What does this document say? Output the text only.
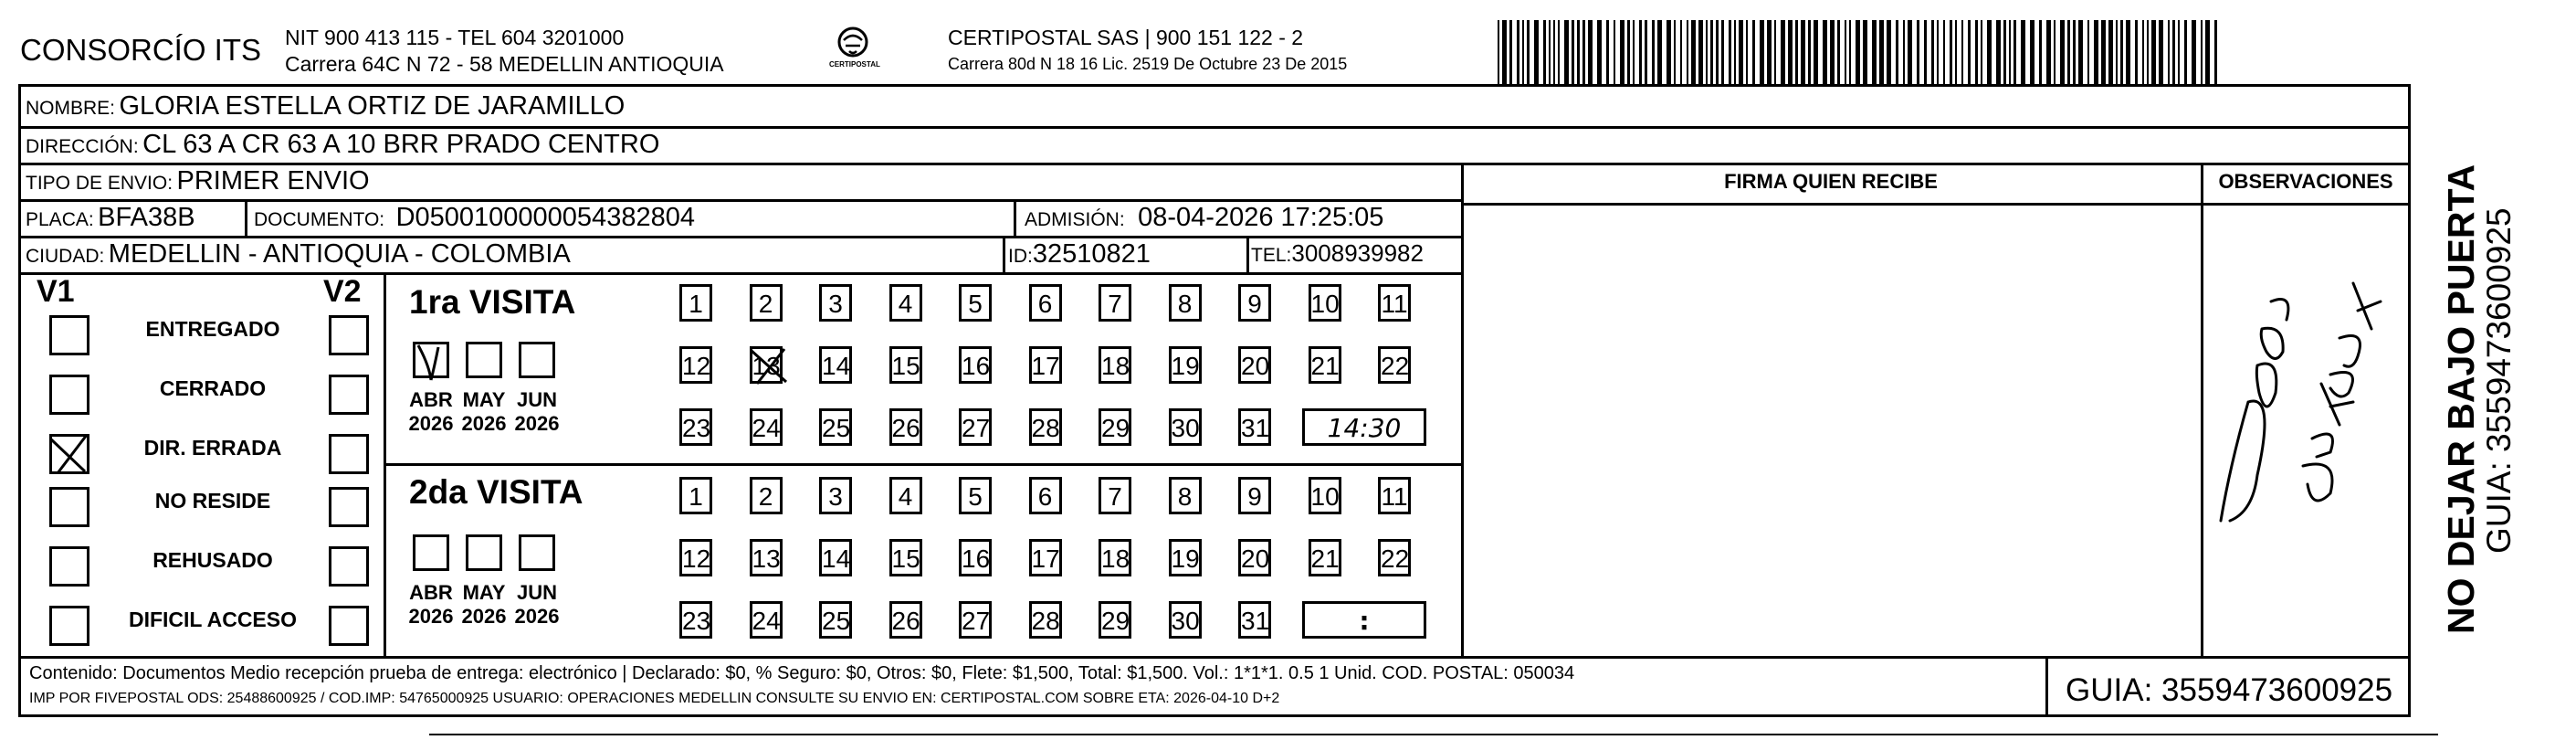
CONSORCÍO ITS NIT 900 413 115 - TEL 604 3201000
Carrera 64C N 72 - 58 MEDELLIN ANTIOQUIA	CERTIPOSTAL
CERTIPOSTAL SAS | 900 151 122 - 2
Carrera 80d N 18 16 Lic. 2519 De Octubre 23 De 2015
NOMBRE: GLORIA ESTELLA ORTIZ DE JARAMILLO
DIRECCIÓN: CL 63 A CR 63 A 10 BRR PRADO CENTRO
TIPO DE ENVIO: PRIMER ENVIO
PLACA: BFA38B	DOCUMENTO: D0500100000054382804	ADMISIÓN: 08-04-2026 17:25:05
CIUDAD: MEDELLIN - ANTIOQUIA - COLOMBIA	ID:32510821	TEL:3008939982
FIRMA QUIEN RECIBE	OBSERVACIONES
V1	V2
ENTREGADO
CERRADO
DIR. ERRADA
NO RESIDE
REHUSADO
DIFICIL ACCESO
1ra VISITA
2da VISITA
ABR
2026
MAY
2026
JUN
2026
1	2	3	4	5	6	7	8	9	10 11
12 13 14 15 16 17 18 19 20 21 22
23 24 25 26 27 28 29 30 31	14:30
ABR
2026
MAY
2026
JUN
2026
1	2	3	4	5	6	7	8	9	10 11
12 13 14 15 16 17 18 19 20 21 22
23 24 25 26 27 28 29 30 31	:	NO DEJAR BAJO PUERTA
GUIA: 3559473600925
Contenido: Documentos Medio recepción prueba de entrega: electrónico | Declarado: $0, % Seguro: $0, Otros: $0, Flete: $1,500, Total: $1,500. Vol.: 1*1*1. 0.5 1 Unid. COD. POSTAL: 050034
IMP POR FIVEPOSTAL ODS: 25488600925 / COD.IMP: 54765000925 USUARIO: OPERACIONES MEDELLIN CONSULTE SU ENVIO EN: CERTIPOSTAL.COM SOBRE ETA: 2026-04-10 D+2	GUIA: 3559473600925
